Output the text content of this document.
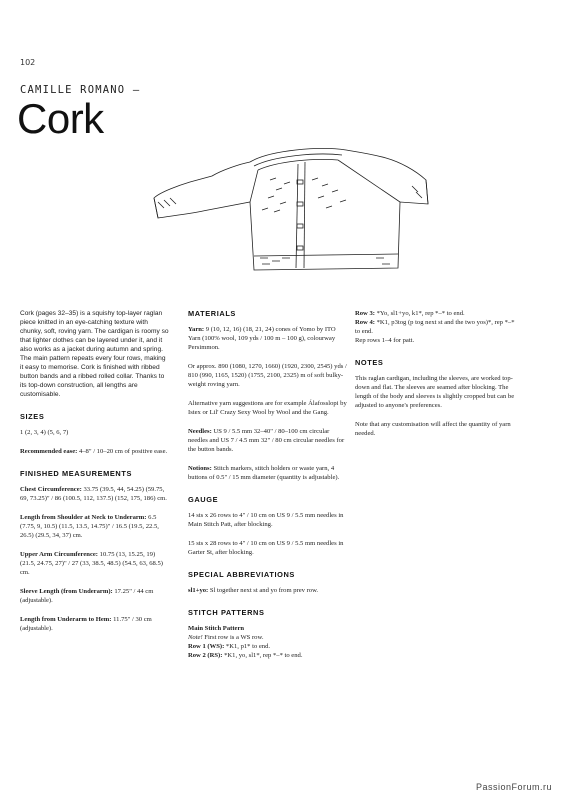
102
CAMILLE ROMANO —
Cork

Cork (pages 32–35) is a squishy top-layer raglan piece knitted in an eye-catching texture with chunky, soft, roving yarn. The cardigan is roomy so that lighter clothes can be layered under it, and it also works as a jacket during autumn and spring. The main pattern repeats every four rows, making it easy to memorise. Cork is finished with ribbed button bands and a ribbed rolled collar. Thanks to its top-down construction, all lengths are customisable.

SIZES

1 (2, 3, 4) (5, 6, 7)

Recommended ease: 4–8" / 10–20 cm of positive ease.

FINISHED MEASUREMENTS

Chest Circumference: 33.75 (39.5, 44, 54.25) (59.75, 69, 73.25)" / 86 (100.5, 112, 137.5) (152, 175, 186) cm.

Length from Shoulder at Neck to Underarm: 6.5 (7.75, 9, 10.5) (11.5, 13.5, 14.75)" / 16.5 (19.5, 22.5, 26.5) (29.5, 34, 37) cm.

Upper Arm Circumference: 10.75 (13, 15.25, 19) (21.5, 24.75, 27)" / 27 (33, 38.5, 48.5) (54.5, 63, 68.5) cm.

Sleeve Length (from Underarm): 17.25" / 44 cm (adjustable).

Length from Underarm to Hem: 11.75" / 30 cm (adjustable).

MATERIALS

Yarn: 9 (10, 12, 16) (18, 21, 24) cones of Yomo by ITO Yarn (100% wool, 109 yds / 100 m – 100 g), colourway Persimmon.

Or approx. 890 (1080, 1270, 1660) (1920, 2300, 2545) yds / 810 (990, 1165, 1520) (1755, 2100, 2325) m of soft bulky-weight roving yarn.

Alternative yarn suggestions are for example Álafosslopi by Istex or Lil' Crazy Sexy Wool by Wool and the Gang.

Needles: US 9 / 5.5 mm 32–40" / 80–100 cm circular needles and US 7 / 4.5 mm 32" / 80 cm circular needles for the button bands.

Notions: Stitch markers, stitch holders or waste yarn, 4 buttons of 0.5" / 15 mm diameter (quantity is adjustable).

GAUGE

14 sts x 26 rows to 4" / 10 cm on US 9 / 5.5 mm needles in Main Stitch Patt, after blocking.

15 sts x 28 rows to 4" / 10 cm on US 9 / 5.5 mm needles in Garter St, after blocking.

SPECIAL ABBREVIATIONS

sl1+yo: Sl together next st and yo from prev row.

STITCH PATTERNS

Main Stitch Pattern

Note! First row is a WS row.

Row 1 (WS): *K1, p1* to end.

Row 2 (RS): *K1, yo, sl1*, rep *–* to end.

Row 3: *Yo, sl1+yo, k1*, rep *–* to end.

Row 4: *K1, p3tog (p tog next st and the two yos)*, rep *–* to end.

Rep rows 1–4 for patt.

NOTES

This raglan cardigan, including the sleeves, are worked top-down and flat. The sleeves are seamed after blocking. The length of the body and sleeves is slightly cropped but can be adjusted to anyone's preferences.

Note that any customisation will affect the quantity of yarn needed.

PassionForum.ru
